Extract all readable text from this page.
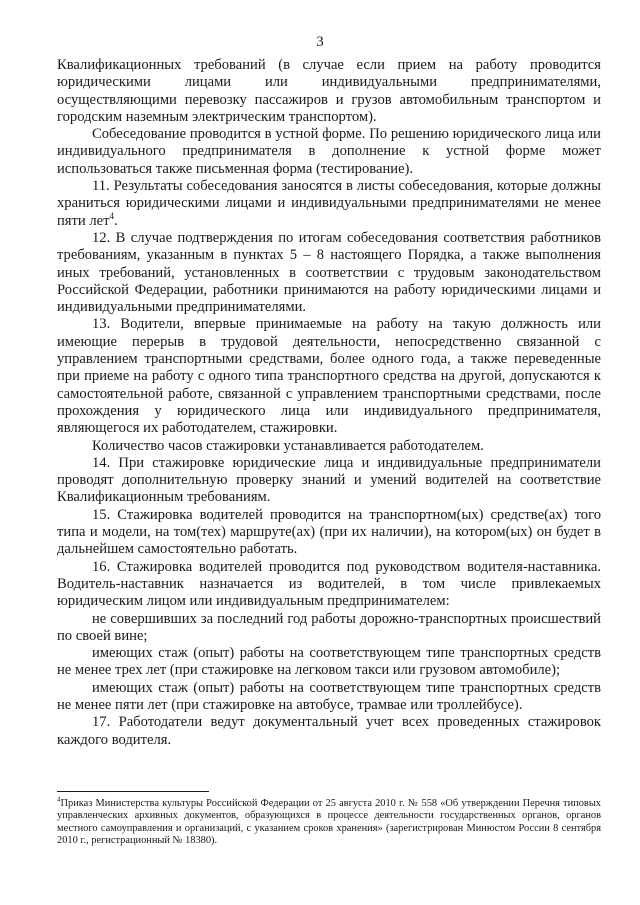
3

Квалификационных требований (в случае если прием на работу проводится юридическими лицами или индивидуальными предпринимателями, осуществляющими перевозку пассажиров и грузов автомобильным транспортом и городским наземным электрическим транспортом).

Собеседование проводится в устной форме. По решению юридического лица или индивидуального предпринимателя в дополнение к устной форме может использоваться также письменная форма (тестирование).

11. Результаты собеседования заносятся в листы собеседования, которые должны храниться юридическими лицами и индивидуальными предпринимателями не менее пяти лет$^4$.

12. В случае подтверждения по итогам собеседования соответствия работников требованиям, указанным в пунктах 5 – 8 настоящего Порядка, а также выполнения иных требований, установленных в соответствии с трудовым законодательством Российской Федерации, работники принимаются на работу юридическими лицами и индивидуальными предпринимателями.

13. Водители, впервые принимаемые на работу на такую должность или имеющие перерыв в трудовой деятельности, непосредственно связанной с управлением транспортными средствами, более одного года, а также переведенные при приеме на работу с одного типа транспортного средства на другой, допускаются к самостоятельной работе, связанной с управлением транспортными средствами, после прохождения у юридического лица или индивидуального предпринимателя, являющегося их работодателем, стажировки.

Количество часов стажировки устанавливается работодателем.

14. При стажировке юридические лица и индивидуальные предприниматели проводят дополнительную проверку знаний и умений водителей на соответствие Квалификационным требованиям.

15. Стажировка водителей проводится на транспортном(ых) средстве(ах) того типа и модели, на том(тех) маршруте(ах) (при их наличии), на котором(ых) он будет в дальнейшем самостоятельно работать.

16. Стажировка водителей проводится под руководством водителя-наставника. Водитель-наставник назначается из водителей, в том числе привлекаемых юридическим лицом или индивидуальным предпринимателем:

не совершивших за последний год работы дорожно-транспортных происшествий по своей вине;

имеющих стаж (опыт) работы на соответствующем типе транспортных средств не менее трех лет (при стажировке на легковом такси или грузовом автомобиле);

имеющих стаж (опыт) работы на соответствующем типе транспортных средств не менее пяти лет (при стажировке на автобусе, трамвае или троллейбусе).

17. Работодатели ведут документальный учет всех проведенных стажировок каждого водителя.

$^4$Приказ Министерства культуры Российской Федерации от 25 августа 2010 г. № 558 «Об утверждении Перечня типовых управленческих архивных документов, образующихся в процессе деятельности государственных органов, органов местного самоуправления и организаций, с указанием сроков хранения» (зарегистрирован Минюстом России 8 сентября 2010 г., регистрационный № 18380).
